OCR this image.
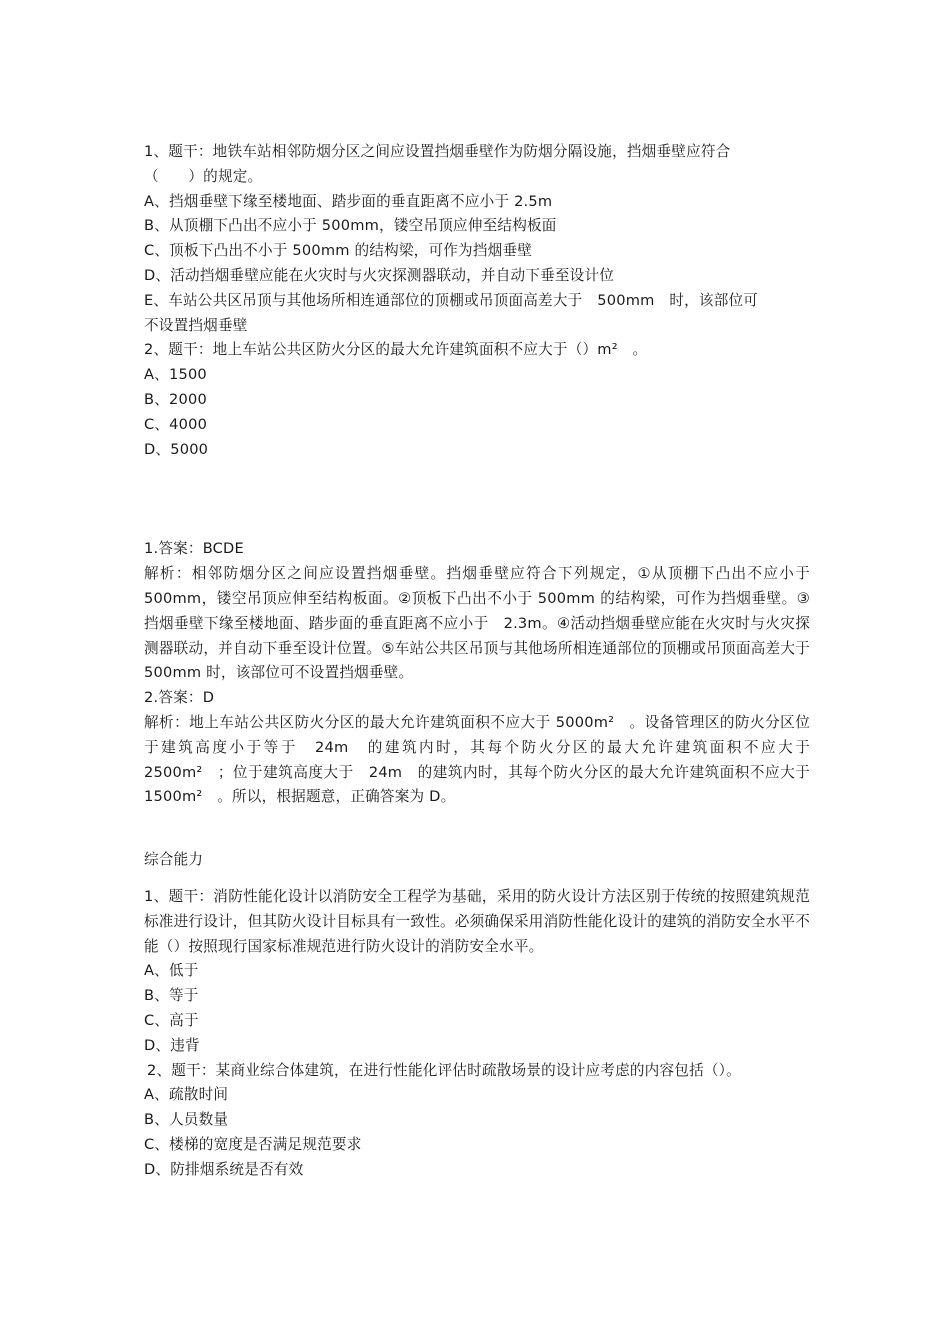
1、题干：地铁车站相邻防烟分区之间应设置挡烟垂壁作为防烟分隔设施，挡烟垂壁应符合
（　　）的规定。
A、挡烟垂壁下缘至楼地面、踏步面的垂直距离不应小于 2.5m
B、从顶棚下凸出不应小于 500mm，镂空吊顶应伸至结构板面
C、顶板下凸出不小于 500mm 的结构梁，可作为挡烟垂壁
D、活动挡烟垂壁应能在火灾时与火灾探测器联动，并自动下垂至设计位
E、车站公共区吊顶与其他场所相连通部位的顶棚或吊顶面高差大于　500mm　时，该部位可
不设置挡烟垂壁
2、题干：地上车站公共区防火分区的最大允许建筑面积不应大于（）m²　。
A、1500
B、2000
C、4000
D、5000
1.答案：BCDE
解析：相邻防烟分区之间应设置挡烟垂壁。挡烟垂壁应符合下列规定，①从顶棚下凸出不应小于 500mm，镂空吊顶应伸至结构板面。②顶板下凸出不小于 500mm 的结构梁，可作为挡烟垂壁。③挡烟垂壁下缘至楼地面、踏步面的垂直距离不应小于　2.3m。④活动挡烟垂壁应能在火灾时与火灾探测器联动，并自动下垂至设计位置。⑤车站公共区吊顶与其他场所相连通部位的顶棚或吊顶面高差大于 500mm 时，该部位可不设置挡烟垂壁。
2.答案：D
解析：地上车站公共区防火分区的最大允许建筑面积不应大于 5000m²　。设备管理区的防火分区位于建筑高度小于等于　24m　的建筑内时，其每个防火分区的最大允许建筑面积不应大于　2500m²　；位于建筑高度大于　24m　的建筑内时，其每个防火分区的最大允许建筑面积不应大于 1500m²　。所以，根据题意，正确答案为 D。
综合能力
1、题干：消防性能化设计以消防安全工程学为基础，采用的防火设计方法区别于传统的按照建筑规范标准进行设计，但其防火设计目标具有一致性。必须确保采用消防性能化设计的建筑的消防安全水平不能（）按照现行国家标准规范进行防火设计的消防安全水平。
A、低于
B、等于
C、高于
D、违背
2、题干：某商业综合体建筑，在进行性能化评估时疏散场景的设计应考虑的内容包括（）。
A、疏散时间
B、人员数量
C、楼梯的宽度是否满足规范要求
D、防排烟系统是否有效
